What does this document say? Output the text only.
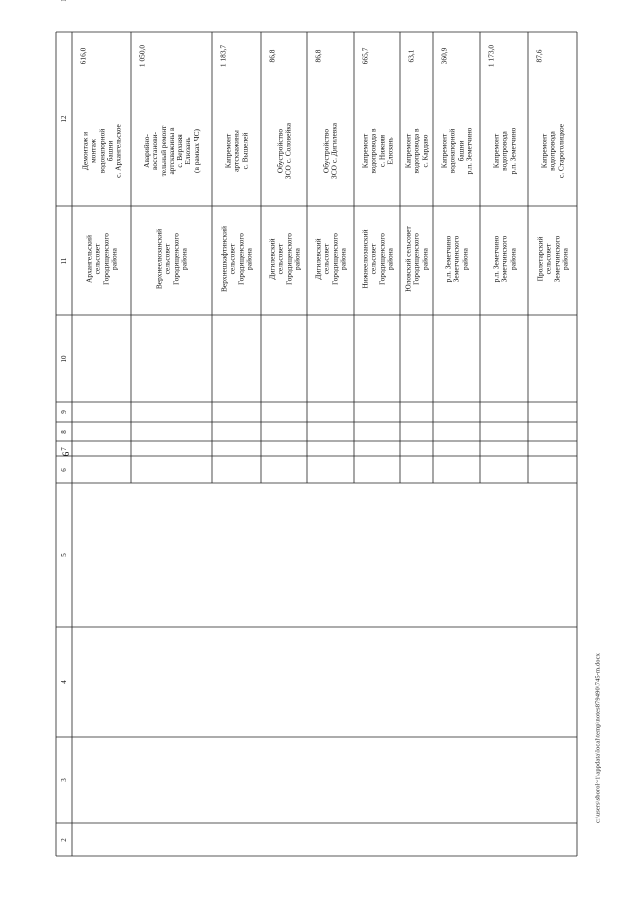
6
1
2
3
4
5
6
7
8
9
10
11
12
616,0
Демонтаж и монтаж водонапорной башни с. Архангельское
Архангельский сельсовет Городищенского района
1 050,0
Аварийно- восстанови- тельный ремонт артскважины в с. Верхняя Елюзань (в рамках ЧС)
Верхнеелюзанский сельсовет Городищенского района
1 183,7
Капремонт артскважины с. Вышелей
Верхнешкафтинский сельсовет Городищенского района
86,8
Обустройство ЗСО с. Соловейка
Дигилевский сельсовет Городищенского района
86,8
Обустройство ЗСО с. Дигилевка
Дигилевский сельсовет Городищенского района
665,7
Капремонт водопровода в с. Нижняя Елюзань
Нижнеелюзанский сельсовет Городищенского района
63,1
Капремонт водопровода в с. Кардаво
Юловский сельсовет Городищенского района
360,9
Капремонт водонапорной башни р.п. Земетчино
р.п. Земетчино Земетчинского района
1 173,0
Капремонт водопровода р.п. Земетчино
р.п. Земетчино Земетчинского района
87,6
Капремонт водопровода с. Староголицкое
Пролетарский сельсовет Земетчинского района
c:\users\sborol~1\appdata\local\temp\notes879490\745-m.docx
